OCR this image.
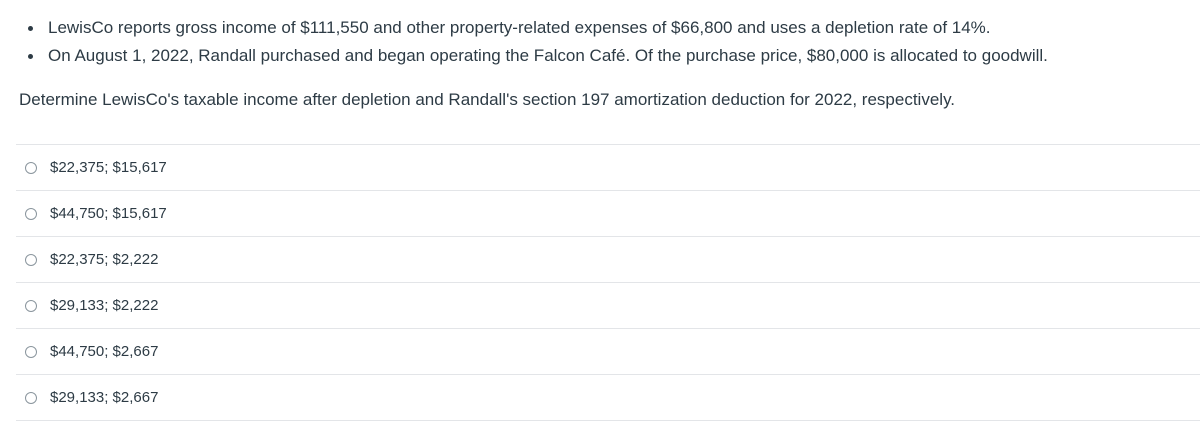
LewisCo reports gross income of $111,550 and other property-related expenses of $66,800 and uses a depletion rate of 14%.
On August 1, 2022, Randall purchased and began operating the Falcon Café. Of the purchase price, $80,000 is allocated to goodwill.
Determine LewisCo's taxable income after depletion and Randall's section 197 amortization deduction for 2022, respectively.
$22,375; $15,617
$44,750; $15,617
$22,375; $2,222
$29,133; $2,222
$44,750; $2,667
$29,133; $2,667
